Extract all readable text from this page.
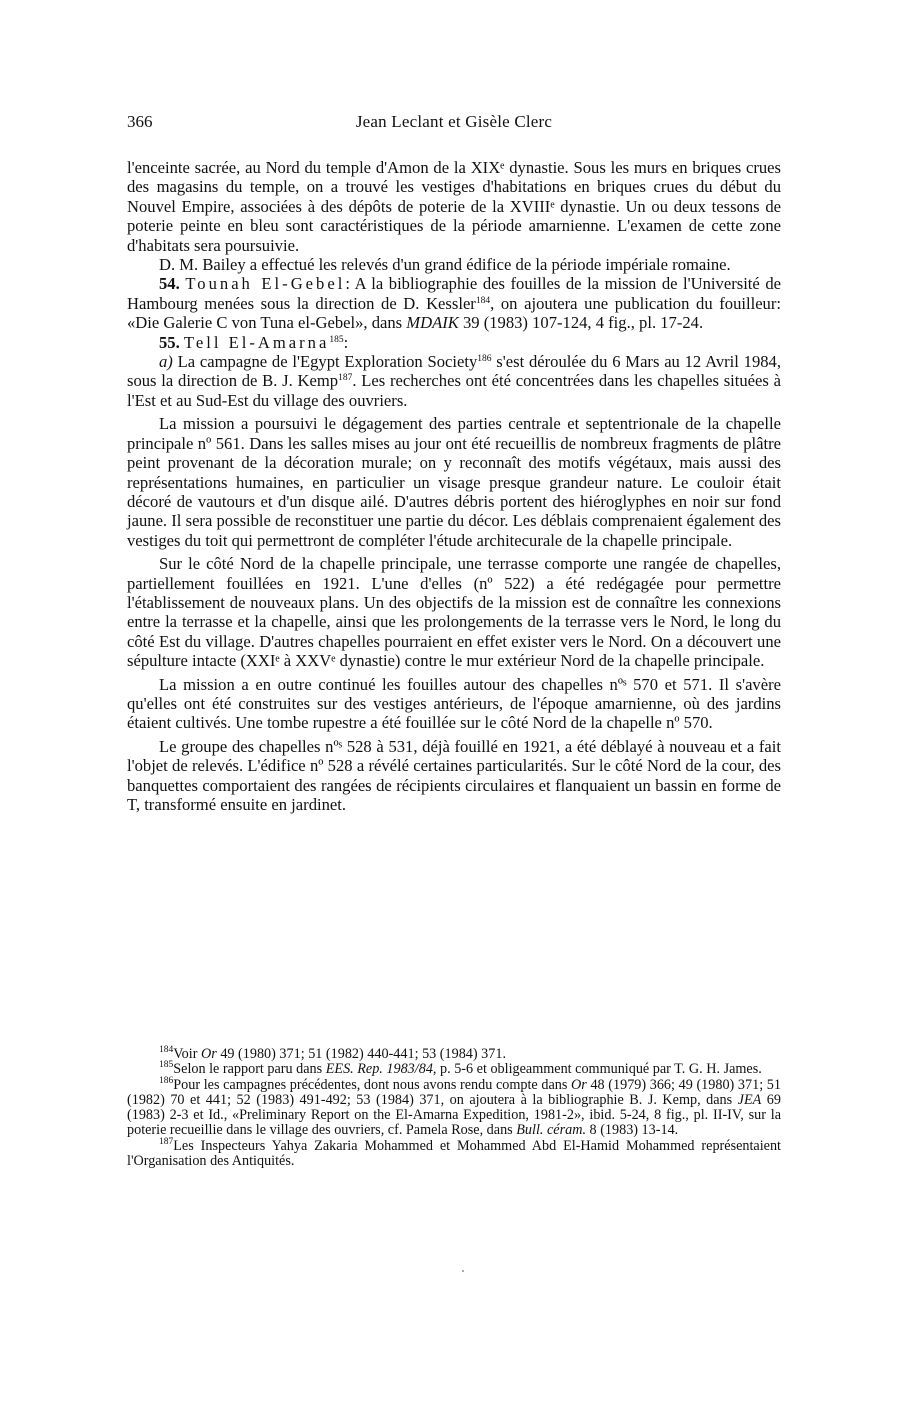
366	Jean Leclant et Gisèle Clerc

l'enceinte sacrée, au Nord du temple d'Amon de la XIXᵉ dynastie. Sous les murs en briques crues des magasins du temple, on a trouvé les vestiges d'habitations en briques crues du début du Nouvel Empire, associées à des dépôts de poterie de la XVIIIᵉ dynastie. Un ou deux tessons de poterie peinte en bleu sont caractéristiques de la période amarnienne. L'examen de cette zone d'habitats sera poursuivie.

D. M. Bailey a effectué les relevés d'un grand édifice de la période impériale romaine.

54. Tounah El-Gebel: A la bibliographie des fouilles de la mission de l'Université de Hambourg menées sous la direction de D. Kessler$^{184}$, on ajoutera une publication du fouilleur: «Die Galerie C von Tuna el-Gebel», dans MDAIK 39 (1983) 107-124, 4 fig., pl. 17-24.

55. Tell El-Amarna$^{185}$:

a) La campagne de l'Egypt Exploration Society$^{186}$ s'est déroulée du 6 Mars au 12 Avril 1984, sous la direction de B. J. Kemp$^{187}$. Les recherches ont été concentrées dans les chapelles situées à l'Est et au Sud-Est du village des ouvriers.

La mission a poursuivi le dégagement des parties centrale et septentrionale de la chapelle principale nº 561. Dans les salles mises au jour ont été recueillis de nombreux fragments de plâtre peint provenant de la décoration murale; on y reconnaît des motifs végétaux, mais aussi des représentations humaines, en particulier un visage presque grandeur nature. Le couloir était décoré de vautours et d'un disque ailé. D'autres débris portent des hiéroglyphes en noir sur fond jaune. Il sera possible de reconstituer une partie du décor. Les déblais comprenaient également des vestiges du toit qui permettront de compléter l'étude architecurale de la chapelle principale.

Sur le côté Nord de la chapelle principale, une terrasse comporte une rangée de chapelles, partiellement fouillées en 1921. L'une d'elles (nº 522) a été redégagée pour permettre l'établissement de nouveaux plans. Un des objectifs de la mission est de connaître les connexions entre la terrasse et la chapelle, ainsi que les prolongements de la terrasse vers le Nord, le long du côté Est du village. D'autres chapelles pourraient en effet exister vers le Nord. On a découvert une sépulture intacte (XXIᵉ à XXVᵉ dynastie) contre le mur extérieur Nord de la chapelle principale.

La mission a en outre continué les fouilles autour des chapelles nºˢ 570 et 571. Il s'avère qu'elles ont été construites sur des vestiges antérieurs, de l'époque amarnienne, où des jardins étaient cultivés. Une tombe rupestre a été fouillée sur le côté Nord de la chapelle nº 570.

Le groupe des chapelles nºˢ 528 à 531, déjà fouillé en 1921, a été déblayé à nouveau et a fait l'objet de relevés. L'édifice nº 528 a révélé certaines particularités. Sur le côté Nord de la cour, des banquettes comportaient des rangées de récipients circulaires et flanquaient un bassin en forme de T, transformé ensuite en jardinet.

$^{184}$Voir Or 49 (1980) 371; 51 (1982) 440-441; 53 (1984) 371.

$^{185}$Selon le rapport paru dans EES. Rep. 1983/84, p. 5-6 et obligeamment communiqué par T. G. H. James.

$^{186}$Pour les campagnes précédentes, dont nous avons rendu compte dans Or 48 (1979) 366; 49 (1980) 371; 51 (1982) 70 et 441; 52 (1983) 491-492; 53 (1984) 371, on ajoutera à la bibliographie B. J. Kemp, dans JEA 69 (1983) 2-3 et Id., «Preliminary Report on the El-Amarna Expedition, 1981-2», ibid. 5-24, 8 fig., pl. II-IV, sur la poterie recueillie dans le village des ouvriers, cf. Pamela Rose, dans Bull. céram. 8 (1983) 13-14.

$^{187}$Les Inspecteurs Yahya Zakaria Mohammed et Mohammed Abd El-Hamid Mohammed représentaient l'Organisation des Antiquités.
